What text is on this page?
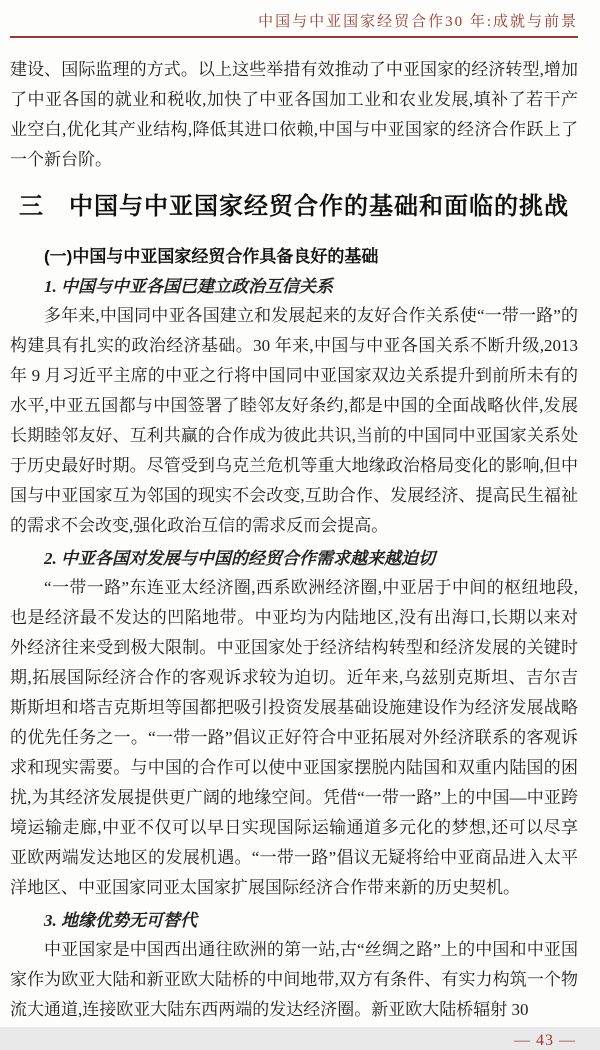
中国与中亚国家经贸合作30 年:成就与前景

建设、国际监理的方式。以上这些举措有效推动了中亚国家的经济转型,增加了中亚各国的就业和税收,加快了中亚各国加工业和农业发展,填补了若干产业空白,优化其产业结构,降低其进口依赖,中国与中亚国家的经济合作跃上了一个新台阶。

三　中国与中亚国家经贸合作的基础和面临的挑战
(一)中国与中亚国家经贸合作具备良好的基础
1. 中国与中亚各国已建立政治互信关系

多年来,中国同中亚各国建立和发展起来的友好合作关系使“一带一路”的构建具有扎实的政治经济基础。30 年来,中国与中亚各国关系不断升级,2013 年 9 月习近平主席的中亚之行将中国同中亚国家双边关系提升到前所未有的水平,中亚五国都与中国签署了睦邻友好条约,都是中国的全面战略伙伴,发展长期睦邻友好、互利共赢的合作成为彼此共识,当前的中国同中亚国家关系处于历史最好时期。尽管受到乌克兰危机等重大地缘政治格局变化的影响,但中国与中亚国家互为邻国的现实不会改变,互助合作、发展经济、提高民生福祉的需求不会改变,强化政治互信的需求反而会提高。

2. 中亚各国对发展与中国的经贸合作需求越来越迫切

“一带一路”东连亚太经济圈,西系欧洲经济圈,中亚居于中间的枢纽地段,也是经济最不发达的凹陷地带。中亚均为内陆地区,没有出海口,长期以来对外经济往来受到极大限制。中亚国家处于经济结构转型和经济发展的关键时期,拓展国际经济合作的客观诉求较为迫切。近年来,乌兹别克斯坦、吉尔吉斯斯坦和塔吉克斯坦等国都把吸引投资发展基础设施建设作为经济发展战略的优先任务之一。“一带一路”倡议正好符合中亚拓展对外经济联系的客观诉求和现实需要。与中国的合作可以使中亚国家摆脱内陆国和双重内陆国的困扰,为其经济发展提供更广阔的地缘空间。凭借“一带一路”上的中国—中亚跨境运输走廊,中亚不仅可以早日实现国际运输通道多元化的梦想,还可以尽享亚欧两端发达地区的发展机遇。“一带一路”倡议无疑将给中亚商品进入太平洋地区、中亚国家同亚太国家扩展国际经济合作带来新的历史契机。

3. 地缘优势无可替代

中亚国家是中国西出通往欧洲的第一站,古“丝绸之路”上的中国和中亚国家作为欧亚大陆和新亚欧大陆桥的中间地带,双方有条件、有实力构筑一个物流大通道,连接欧亚大陆东西两端的发达经济圈。新亚欧大陆桥辐射 30

— 43 —
